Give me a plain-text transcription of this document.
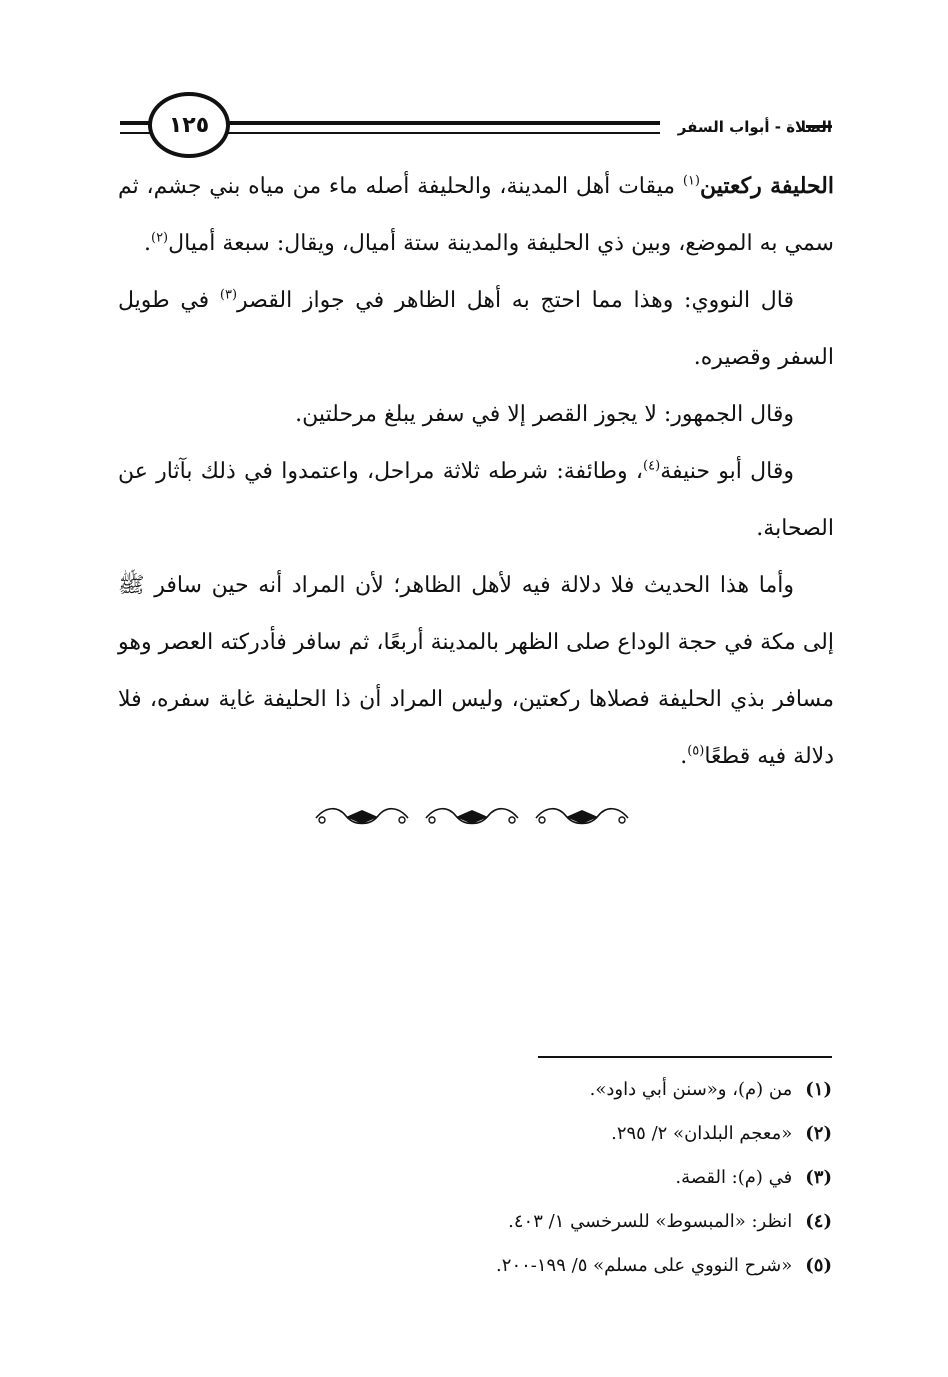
١٢٥	الصلاة - أبواب السفر

الحليفة ركعتين$^{(١)}$ ميقات أهل المدينة، والحليفة أصله ماء من مياه بني جشم، ثم سمي به الموضع، وبين ذي الحليفة والمدينة ستة أميال، ويقال: سبعة أميال$^{(٢)}$.

قال النووي: وهذا مما احتج به أهل الظاهر في جواز القصر$^{(٣)}$ في طويل السفر وقصيره.

وقال الجمهور: لا يجوز القصر إلا في سفر يبلغ مرحلتين.

وقال أبو حنيفة$^{(٤)}$، وطائفة: شرطه ثلاثة مراحل، واعتمدوا في ذلك بآثار عن الصحابة.

وأما هذا الحديث فلا دلالة فيه لأهل الظاهر؛ لأن المراد أنه حين سافر ﷺ إلى مكة في حجة الوداع صلى الظهر بالمدينة أربعًا، ثم سافر فأدركته العصر وهو مسافر بذي الحليفة فصلاها ركعتين، وليس المراد أن ذا الحليفة غاية سفره، فلا دلالة فيه قطعًا$^{(٥)}$.

(١) من (م)، و«سنن أبي داود».
(٢) «معجم البلدان» ٢/ ٢٩٥.
(٣) في (م): القصة.
(٤) انظر: «المبسوط» للسرخسي ١/ ٤٠٣.
(٥) «شرح النووي على مسلم» ٥/ ١٩٩-٢٠٠.
